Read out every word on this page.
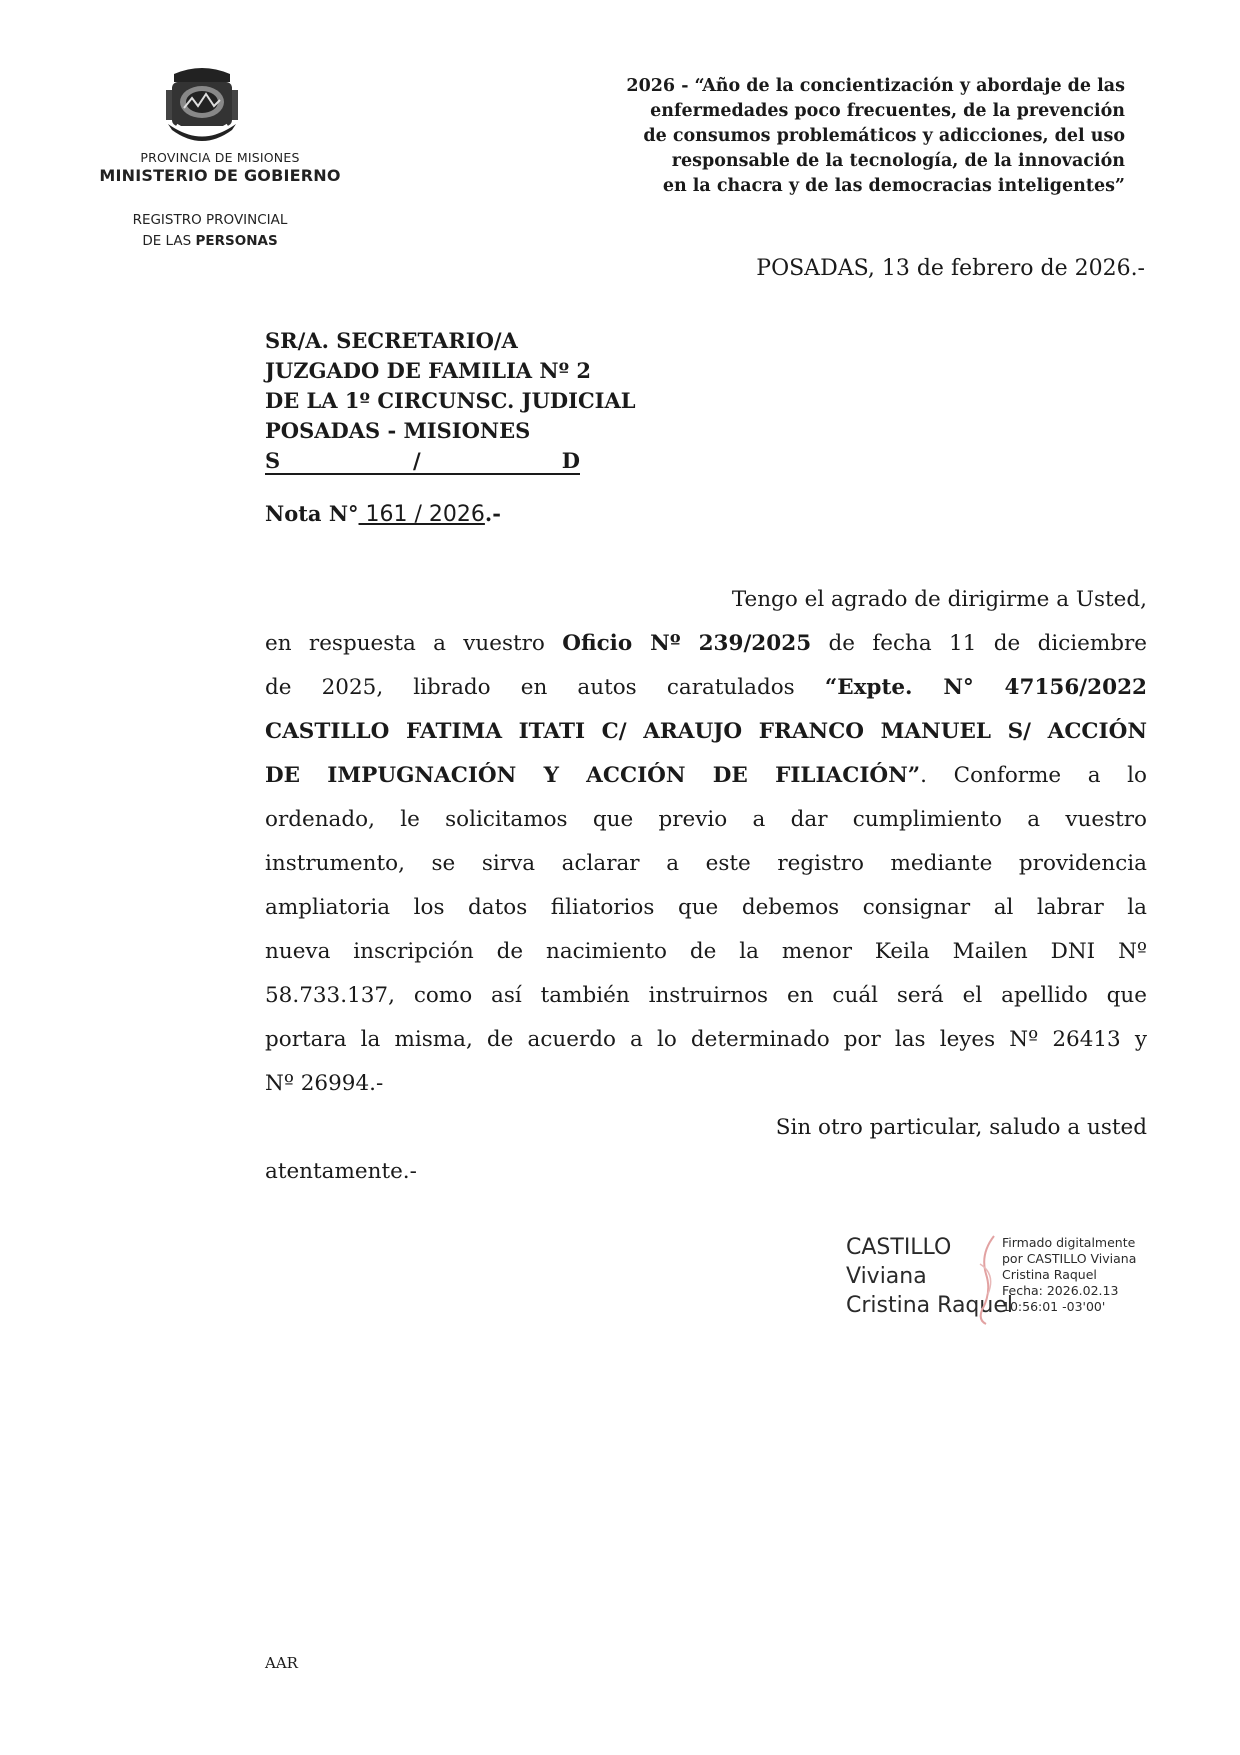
PROVINCIA DE MISIONES
MINISTERIO DE GOBIERNO
REGISTRO PROVINCIAL
DE LAS PERSONAS
2026 - “Año de la concientización y abordaje de las
enfermedades poco frecuentes, de la prevención
de consumos problemáticos y adicciones, del uso
responsable de la tecnología, de la innovación
en la chacra y de las democracias inteligentes”
POSADAS, 13 de febrero de 2026.-
SR/A. SECRETARIO/A
JUZGADO DE FAMILIA Nº 2
DE LA 1º CIRCUNSC. JUDICIAL
POSADAS - MISIONES
S	/	D
Nota N° 161 / 2026.-
Tengo el agrado de dirigirme a Usted,
en respuesta a vuestro Oficio Nº 239/2025 de fecha 11 de diciembre
de 2025, librado en autos caratulados “Expte. N° 47156/2022
CASTILLO FATIMA ITATI C/ ARAUJO FRANCO MANUEL S/ ACCIÓN
DE IMPUGNACIÓN Y ACCIÓN DE FILIACIÓN”. Conforme a lo
ordenado, le solicitamos que previo a dar cumplimiento a vuestro
instrumento, se sirva aclarar a este registro mediante providencia
ampliatoria los datos filiatorios que debemos consignar al labrar la
nueva inscripción de nacimiento de la menor Keila Mailen DNI Nº
58.733.137, como así también instruirnos en cuál será el apellido que
portara la misma, de acuerdo a lo determinado por las leyes Nº 26413 y
Nº 26994.-
Sin otro particular, saludo a usted
atentamente.-
CASTILLO
Viviana
Cristina Raquel
Firmado digitalmente
por CASTILLO Viviana
Cristina Raquel
Fecha: 2026.02.13
10:56:01 -03'00'
AAR
